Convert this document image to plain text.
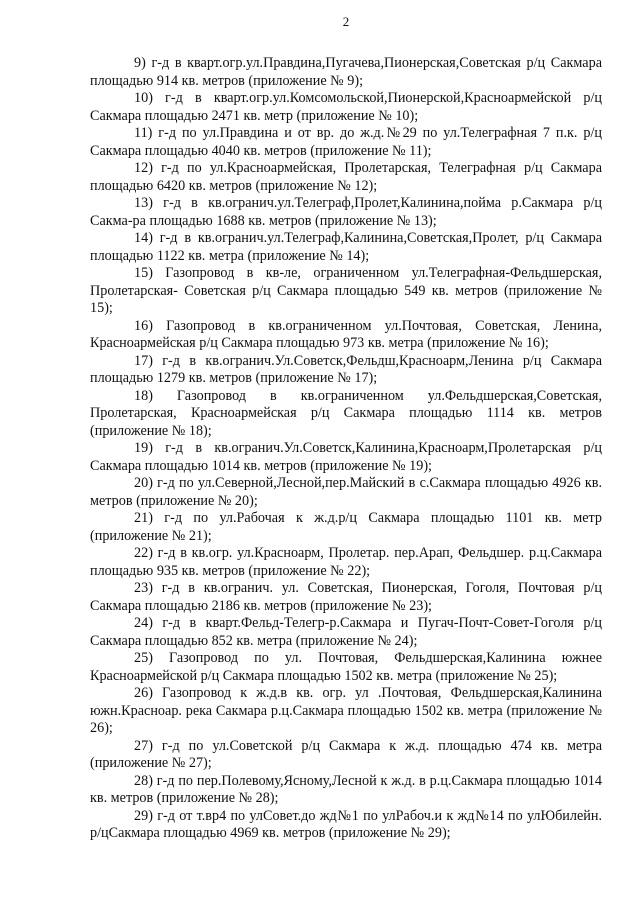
2

9) г-д в кварт.огр.ул.Правдина,Пугачева,Пионерская,Советская р/ц Сакмара площадью 914 кв. метров (приложение № 9);

10) г-д в кварт.огр.ул.Комсомольской,Пионерской,Красноармейской р/ц Сакмара площадью 2471 кв. метр (приложение № 10);

11) г-д по ул.Правдина и от вр. до ж.д.№29 по ул.Телеграфная 7 п.к. р/ц Сакмара площадью 4040 кв. метров (приложение № 11);

12) г-д по ул.Красноармейская, Пролетарская, Телеграфная р/ц Сакмара площадью 6420 кв. метров (приложение № 12);

13) г-д в кв.огранич.ул.Телеграф,Пролет,Калинина,пойма р.Сакмара р/ц Сакма-ра площадью 1688 кв. метров (приложение № 13);

14) г-д в кв.огранич.ул.Телеграф,Калинина,Советская,Пролет, р/ц Сакмара площадью 1122 кв. метра (приложение № 14);

15) Газопровод в кв-ле, ограниченном ул.Телеграфная-Фельдшерская, Пролетарская- Советская р/ц Сакмара площадью 549 кв. метров (приложение № 15);

16) Газопровод в кв.ограниченном ул.Почтовая, Советская, Ленина, Красноармейская р/ц Сакмара площадью 973 кв. метра (приложение № 16);

17) г-д в кв.огранич.Ул.Советск,Фельдш,Красноарм,Ленина р/ц Сакмара площадью 1279 кв. метров (приложение № 17);

18) Газопровод в кв.ограниченном ул.Фельдшерская,Советская, Пролетарская, Красноармейская р/ц Сакмара площадью 1114 кв. метров (приложение № 18);

19) г-д в кв.огранич.Ул.Советск,Калинина,Красноарм,Пролетарская р/ц Сакмара площадью 1014 кв. метров (приложение № 19);

20) г-д по ул.Северной,Лесной,пер.Майский в с.Сакмара площадью 4926 кв. метров (приложение № 20);

21) г-д по ул.Рабочая к ж.д.р/ц Сакмара площадью 1101 кв. метр (приложение № 21);

22) г-д в кв.огр. ул.Красноарм, Пролетар. пер.Арап, Фельдшер. р.ц.Сакмара площадью 935 кв. метров (приложение № 22);

23) г-д в кв.огранич. ул. Советская, Пионерская, Гоголя, Почтовая р/ц Сакмара площадью 2186 кв. метров (приложение № 23);

24) г-д в кварт.Фельд-Телегр-р.Сакмара и Пугач-Почт-Совет-Гоголя р/ц Сакмара площадью 852 кв. метра (приложение № 24);

25) Газопровод по ул. Почтовая, Фельдшерская,Калинина южнее Красноармейской р/ц Сакмара площадью 1502 кв. метра (приложение № 25);

26) Газопровод к ж.д.в кв. огр. ул .Почтовая, Фельдшерская,Калинина южн.Красноар. река Сакмара р.ц.Сакмара площадью 1502 кв. метра (приложение № 26);

27) г-д по ул.Советской р/ц Сакмара к ж.д. площадью 474 кв. метра (приложение № 27);

28) г-д по пер.Полевому,Ясному,Лесной к ж.д. в р.ц.Сакмара площадью 1014 кв. метров (приложение № 28);

29) г-д от т.вр4 по улСовет.до жд№1 по улРабоч.и к жд№14 по улЮбилейн. р/цСакмара площадью 4969 кв. метров (приложение № 29);
